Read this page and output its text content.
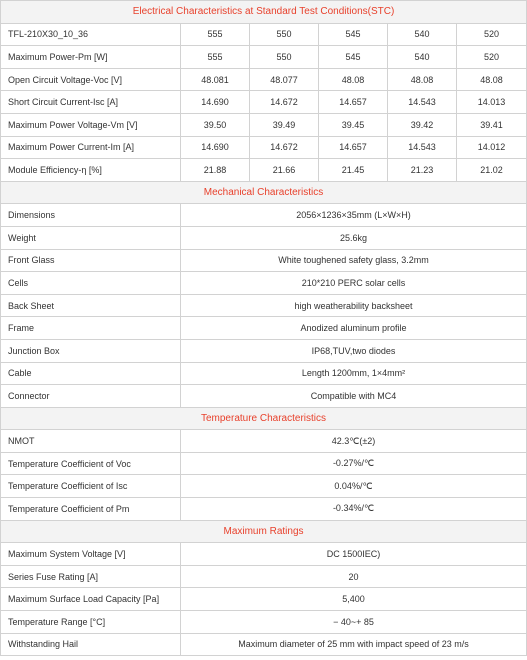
Electrical Characteristics at Standard Test Conditions(STC)					
TFL-210X30_10_36	555	550	545	540	520
Maximum Power-Pm [W]	555	550	545	540	520
Open Circuit Voltage-Voc [V]	48.081	48.077	48.08	48.08	48.08
Short Circuit Current-Isc [A]	14.690	14.672	14.657	14.543	14.013
Maximum Power Voltage-Vm [V]	39.50	39.49	39.45	39.42	39.41
Maximum Power Current-Im [A]	14.690	14.672	14.657	14.543	14.012
Module Efficiency-η [%]	21.88	21.66	21.45	21.23	21.02
Mechanical Characteristics					
Dimensions	2056×1236×35mm (L×W×H)				
Weight	25.6kg				
Front Glass	White toughened safety glass, 3.2mm				
Cells	210*210 PERC solar cells				
Back Sheet	high weatherability backsheet				
Frame	Anodized aluminum profile				
Junction Box	IP68,TUV,two diodes				
Cable	Length 1200mm, 1×4mm²				
Connector	Compatible with MC4				
Temperature Characteristics					
NMOT	42.3℃(±2)				
Temperature Coefficient of Voc	-0.27%/℃				
Temperature Coefficient of Isc	0.04%/℃				
Temperature Coefficient of Pm	-0.34%/℃				
Maximum Ratings					
Maximum System Voltage [V]	DC 1500IEC)				
Series Fuse Rating [A]	20				
Maximum Surface Load Capacity [Pa]	5,400				
Temperature Range [°C]	− 40~+ 85				
Withstanding Hail	Maximum diameter of 25 mm with impact speed of 23 m/s				
